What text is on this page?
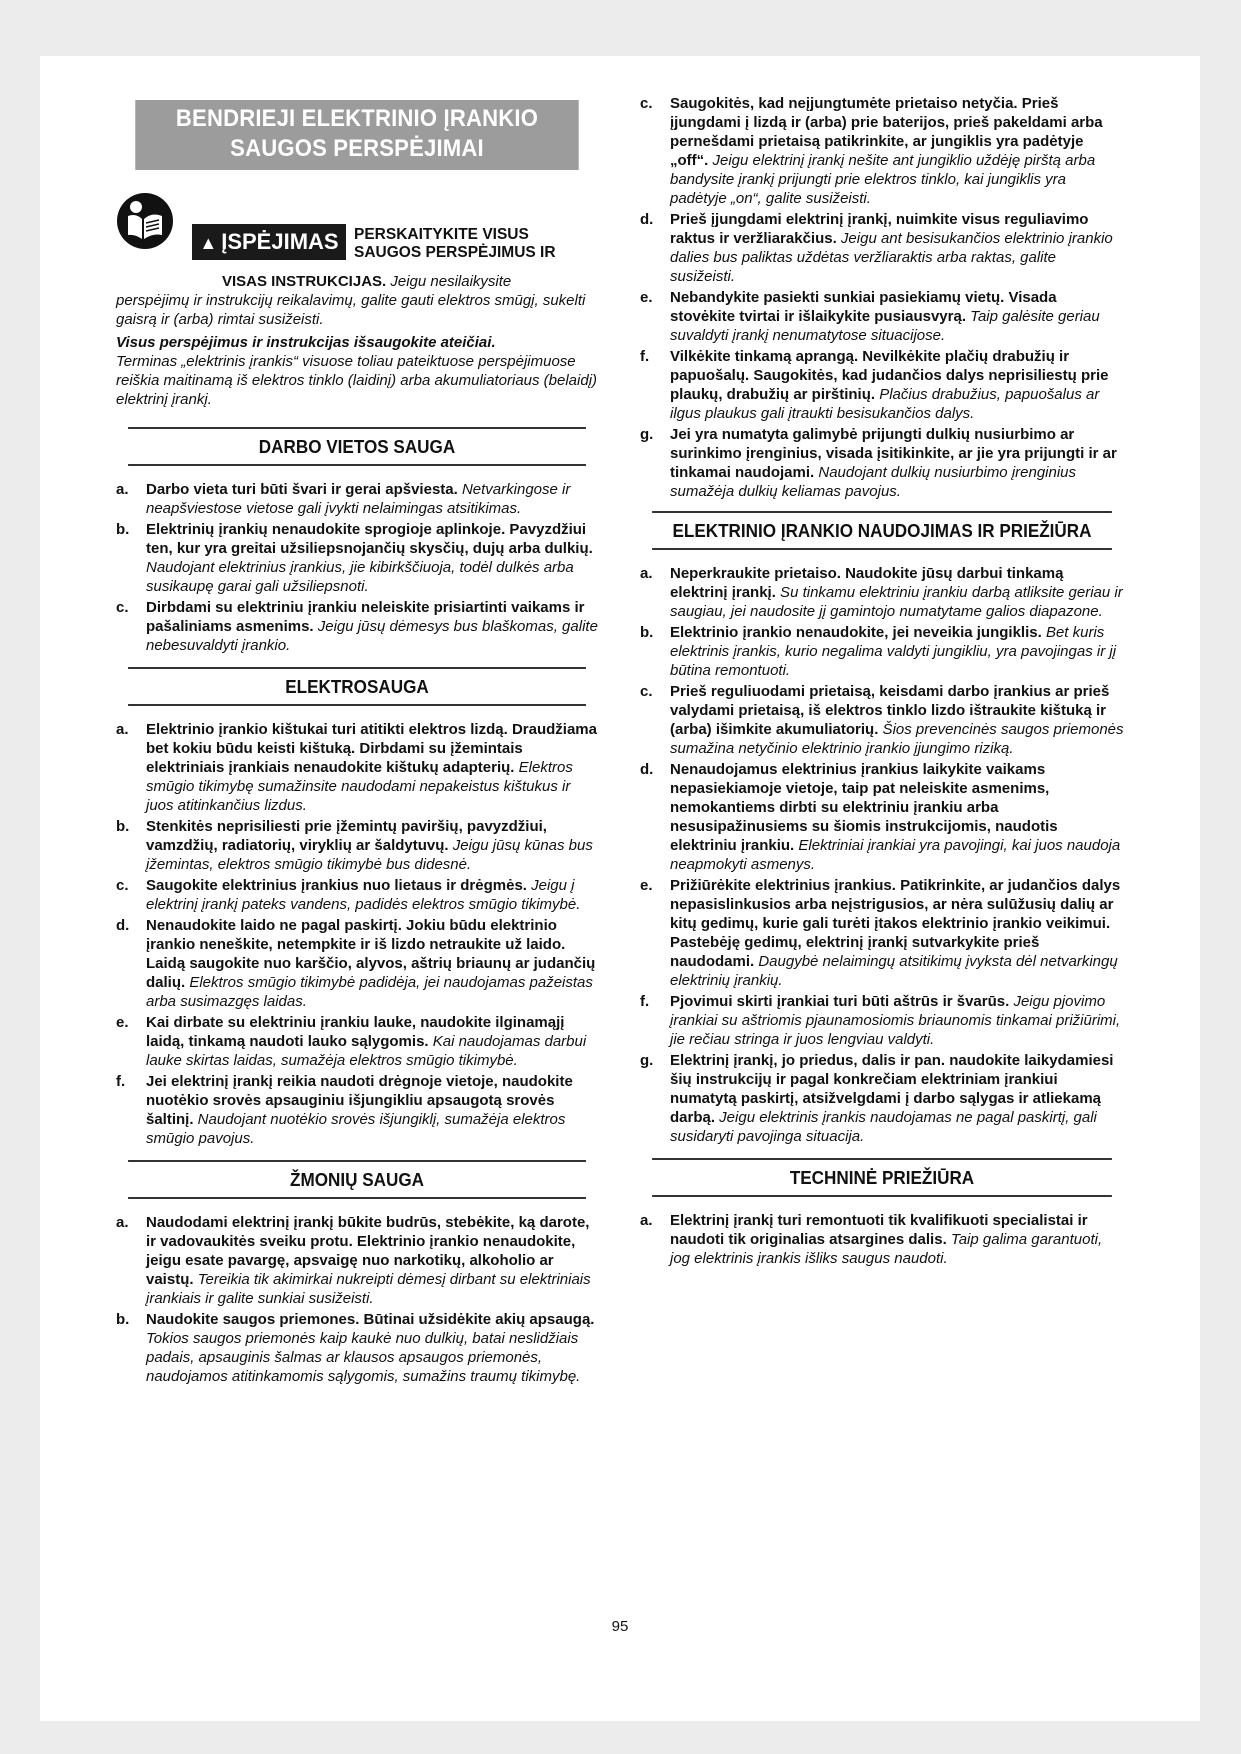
BENDRIEJI ELEKTRINIO ĮRANKIO
SAUGOS PERSPĖJIMAI
▲ ĮSPĖJIMAS PERSKAITYKITE VISUS
SAUGOS PERSPĖJIMUS IR
VISAS INSTRUKCIJAS. Jeigu nesilaikysite
perspėjimų ir instrukcijų reikalavimų, galite gauti elektros smūgį, sukelti gaisrą ir (arba) rimtai susižeisti.
Visus perspėjimus ir instrukcijas išsaugokite ateičiai.
Terminas „elektrinis įrankis“ visuose toliau pateiktuose perspėjimuose reiškia maitinamą iš elektros tinklo (laidinį) arba akumuliatoriaus (belaidį) elektrinį įrankį.
DARBO VIETOS SAUGA
a. Darbo vieta turi būti švari ir gerai apšviesta. Netvarkingose ir neapšviestose vietose gali įvykti nelaimingas atsitikimas.
b. Elektrinių įrankių nenaudokite sprogioje aplinkoje. Pavyzdžiui ten, kur yra greitai užsiliepsnojančių skysčių, dujų arba dulkių. Naudojant elektrinius įrankius, jie kibirkščiuoja, todėl dulkės arba susikaupę garai gali užsiliepsnoti.
c. Dirbdami su elektriniu įrankiu neleiskite prisiartinti vaikams ir pašaliniams asmenims. Jeigu jūsų dėmesys bus blaškomas, galite nebesuvaldyti įrankio.
ELEKTROSAUGA
a. Elektrinio įrankio kištukai turi atitikti elektros lizdą. Draudžiama bet kokiu būdu keisti kištuką. Dirbdami su įžemintais elektriniais įrankiais nenaudokite kištukų adapterių. Elektros smūgio tikimybę sumažinsite naudodami nepakeistus kištukus ir juos atitinkančius lizdus.
b. Stenkitės neprisiliesti prie įžemintų paviršių, pavyzdžiui, vamzdžių, radiatorių, viryklių ar šaldytuvų. Jeigu jūsų kūnas bus įžemintas, elektros smūgio tikimybė bus didesnė.
c. Saugokite elektrinius įrankius nuo lietaus ir drėgmės. Jeigu į elektrinį įrankį pateks vandens, padidės elektros smūgio tikimybė.
d. Nenaudokite laido ne pagal paskirtį. Jokiu būdu elektrinio įrankio neneškite, netempkite ir iš lizdo netraukite už laido. Laidą saugokite nuo karščio, alyvos, aštrių briaunų ar judančių dalių. Elektros smūgio tikimybė padidėja, jei naudojamas pažeistas arba susimazgęs laidas.
e. Kai dirbate su elektriniu įrankiu lauke, naudokite ilginamąjį laidą, tinkamą naudoti lauko sąlygomis. Kai naudojamas darbui lauke skirtas laidas, sumažėja elektros smūgio tikimybė.
f. Jei elektrinį įrankį reikia naudoti drėgnoje vietoje, naudokite nuotėkio srovės apsauginiu išjungikliu apsaugotą srovės šaltinį. Naudojant nuotėkio srovės išjungiklį, sumažėja elektros smūgio pavojus.
ŽMONIŲ SAUGA
a. Naudodami elektrinį įrankį būkite budrūs, stebėkite, ką darote, ir vadovaukitės sveiku protu. Elektrinio įrankio nenaudokite, jeigu esate pavargę, apsvaigę nuo narkotikų, alkoholio ar vaistų. Tereikia tik akimirkai nukreipti dėmesį dirbant su elektriniais įrankiais ir galite sunkiai susižeisti.
b. Naudokite saugos priemones. Būtinai užsidėkite akių apsaugą. Tokios saugos priemonės kaip kaukė nuo dulkių, batai neslidžiais padais, apsauginis šalmas ar klausos apsaugos priemonės, naudojamos atitinkamomis sąlygomis, sumažins traumų tikimybę.
c. Saugokitės, kad neįjungtumėte prietaiso netyčia. Prieš įjungdami į lizdą ir (arba) prie baterijos, prieš pakeldami arba pernešdami prietaisą patikrinkite, ar jungiklis yra padėtyje „off“. Jeigu elektrinį įrankį nešite ant jungiklio uždėję pirštą arba bandysite įrankį prijungti prie elektros tinklo, kai jungiklis yra padėtyje „on“, galite susižeisti.
d. Prieš įjungdami elektrinį įrankį, nuimkite visus reguliavimo raktus ir veržliarakčius. Jeigu ant besisukančios elektrinio įrankio dalies bus paliktas uždėtas veržliaraktis arba raktas, galite susižeisti.
e. Nebandykite pasiekti sunkiai pasiekiamų vietų. Visada stovėkite tvirtai ir išlaikykite pusiausvyrą. Taip galėsite geriau suvaldyti įrankį nenumatytose situacijose.
f. Vilkėkite tinkamą aprangą. Nevilkėkite plačių drabužių ir papuošalų. Saugokitės, kad judančios dalys neprisiliestų prie plaukų, drabužių ar pirštinių. Plačius drabužius, papuošalus ar ilgus plaukus gali įtraukti besisukančios dalys.
g. Jei yra numatyta galimybė prijungti dulkių nusiurbimo ar surinkimo įrenginius, visada įsitikinkite, ar jie yra prijungti ir ar tinkamai naudojami. Naudojant dulkių nusiurbimo įrenginius sumažėja dulkių keliamas pavojus.
ELEKTRINIO ĮRANKIO NAUDOJIMAS IR PRIEŽIŪRA
a. Neperkraukite prietaiso. Naudokite jūsų darbui tinkamą elektrinį įrankį. Su tinkamu elektriniu įrankiu darbą atliksite geriau ir saugiau, jei naudosite jį gamintojo numatytame galios diapazone.
b. Elektrinio įrankio nenaudokite, jei neveikia jungiklis. Bet kuris elektrinis įrankis, kurio negalima valdyti jungikliu, yra pavojingas ir jį būtina remontuoti.
c. Prieš reguliuodami prietaisą, keisdami darbo įrankius ar prieš valydami prietaisą, iš elektros tinklo lizdo ištraukite kištuką ir (arba) išimkite akumuliatorių. Šios prevencinės saugos priemonės sumažina netyčinio elektrinio įrankio įjungimo riziką.
d. Nenaudojamus elektrinius įrankius laikykite vaikams nepasiekiamoje vietoje, taip pat neleiskite asmenims, nemokantiems dirbti su elektriniu įrankiu arba nesusipažinusiems su šiomis instrukcijomis, naudotis elektriniu įrankiu. Elektriniai įrankiai yra pavojingi, kai juos naudoja neapmokyti asmenys.
e. Prižiūrėkite elektrinius įrankius. Patikrinkite, ar judančios dalys nepasislinkusios arba neįstrigusios, ar nėra sulūžusių dalių ar kitų gedimų, kurie gali turėti įtakos elektrinio įrankio veikimui. Pastebėję gedimų, elektrinį įrankį sutvarkykite prieš naudodami. Daugybė nelaimingų atsitikimų įvyksta dėl netvarkingų elektrinių įrankių.
f. Pjovimui skirti įrankiai turi būti aštrūs ir švarūs. Jeigu pjovimo įrankiai su aštriomis pjaunamosiomis briaunomis tinkamai prižiūrimi, jie rečiau stringa ir juos lengviau valdyti.
g. Elektrinį įrankį, jo priedus, dalis ir pan. naudokite laikydamiesi šių instrukcijų ir pagal konkrečiam elektriniam įrankiui numatytą paskirtį, atsižvelgdami į darbo sąlygas ir atliekamą darbą. Jeigu elektrinis įrankis naudojamas ne pagal paskirtį, gali susidaryti pavojinga situacija.
TECHNINĖ PRIEŽIŪRA
a. Elektrinį įrankį turi remontuoti tik kvalifikuoti specialistai ir naudoti tik originalias atsargines dalis. Taip galima garantuoti, jog elektrinis įrankis išliks saugus naudoti.
95
